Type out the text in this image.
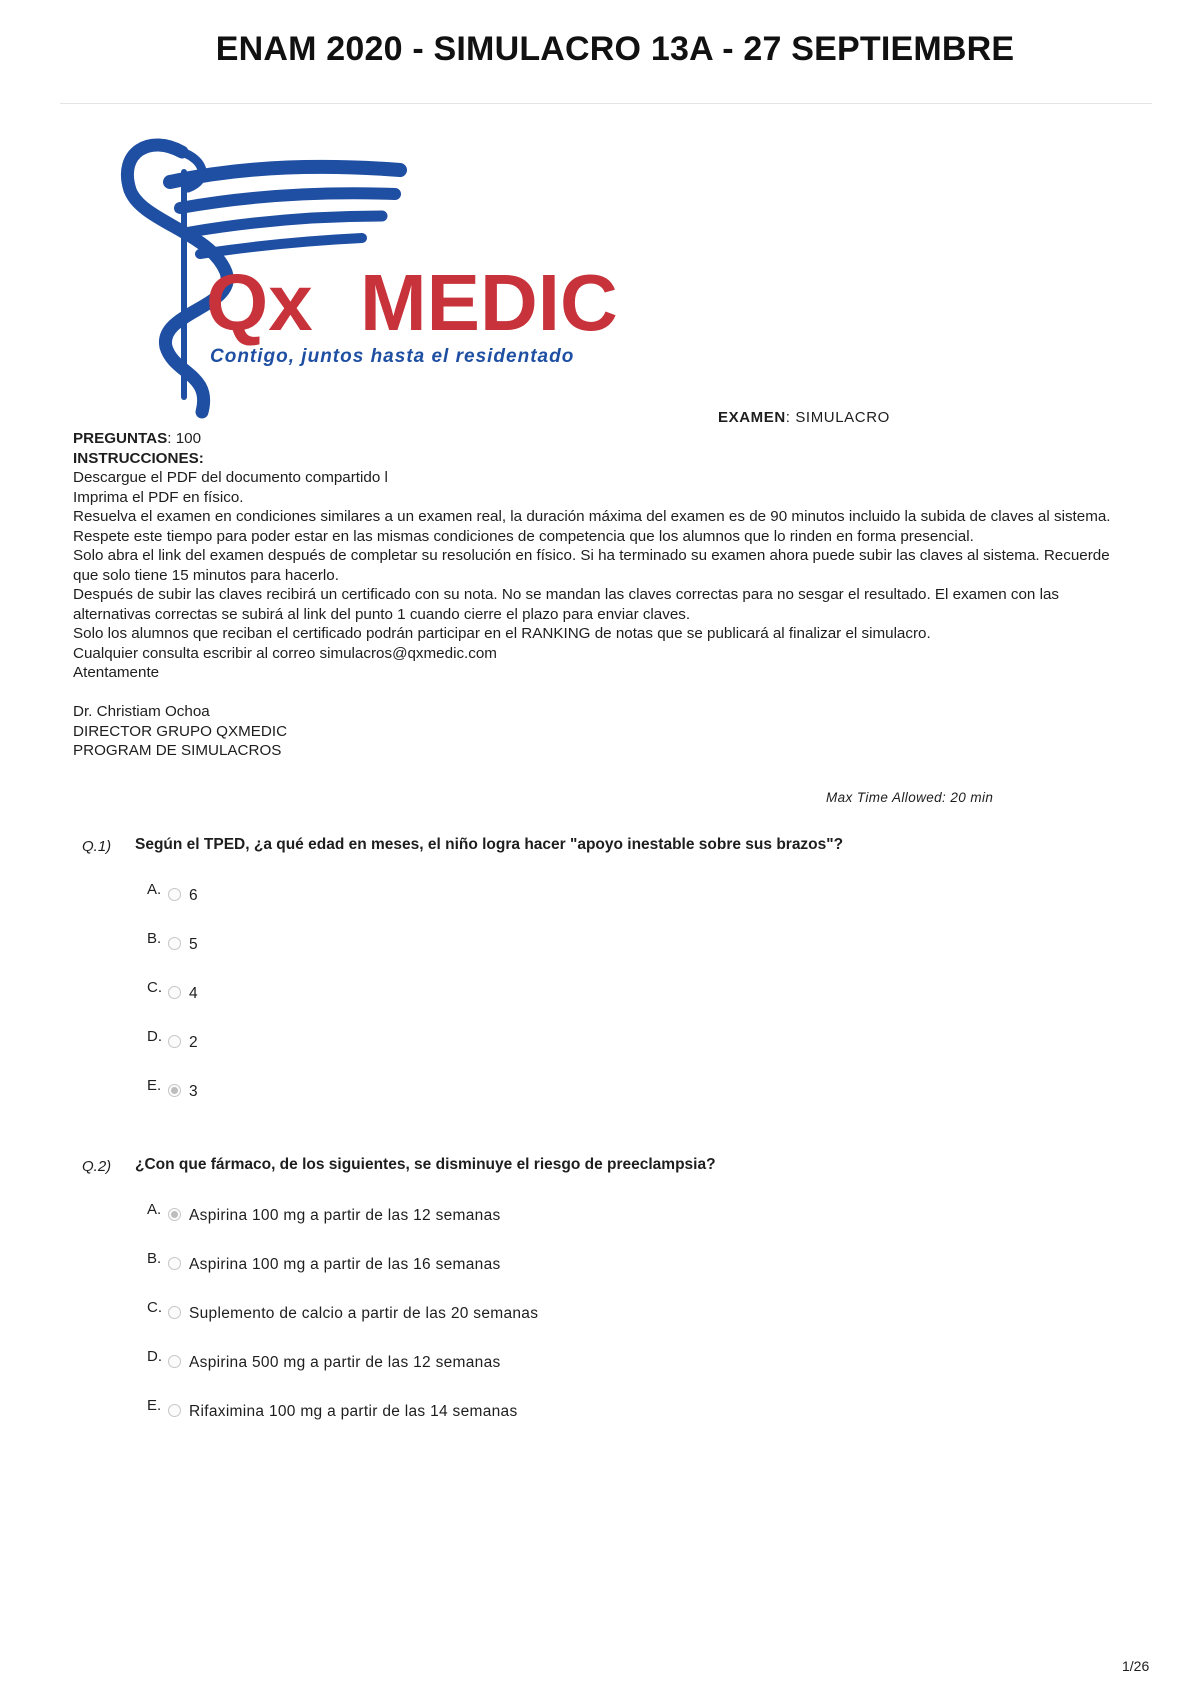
ENAM 2020 - SIMULACRO 13A - 27 SEPTIEMBRE
Qx MEDIC
Contigo, juntos hasta el residentado
EXAMEN: SIMULACRO

PREGUNTAS: 100

INSTRUCCIONES:

Descargue el PDF del documento compartido l

Imprima el PDF en físico.

Resuelva el examen en condiciones similares a un examen real, la duración máxima del examen es de 90 minutos incluido la subida de claves al sistema. Respete este tiempo para poder estar en las mismas condiciones de competencia que los alumnos que lo rinden en forma presencial.

Solo abra el link del examen después de completar su resolución en físico. Si ha terminado su examen ahora puede subir las claves al sistema. Recuerde que solo tiene 15 minutos para hacerlo.

Después de subir las claves recibirá un certificado con su nota. No se mandan las claves correctas para no sesgar el resultado. El examen con las alternativas correctas se subirá al link del punto 1 cuando cierre el plazo para enviar claves.

Solo los alumnos que reciban el certificado podrán participar en el RANKING de notas que se publicará al finalizar el simulacro.

Cualquier consulta escribir al correo simulacros@qxmedic.com

Atentamente

Dr. Christiam Ochoa

DIRECTOR GRUPO QXMEDIC

PROGRAM DE SIMULACROS

Max Time Allowed: 20 min
Q.1) Según el TPED, ¿a qué edad en meses, el niño logra hacer "apoyo inestable sobre sus brazos"?
A. 6
B. 5
C. 4
D. 2
E. 3
Q.2) ¿Con que fármaco, de los siguientes, se disminuye el riesgo de preeclampsia?
A. Aspirina 100 mg a partir de las 12 semanas
B. Aspirina 100 mg a partir de las 16 semanas
C. Suplemento de calcio a partir de las 20 semanas
D. Aspirina 500 mg a partir de las 12 semanas
E. Rifaximina 100 mg a partir de las 14 semanas
1/26
